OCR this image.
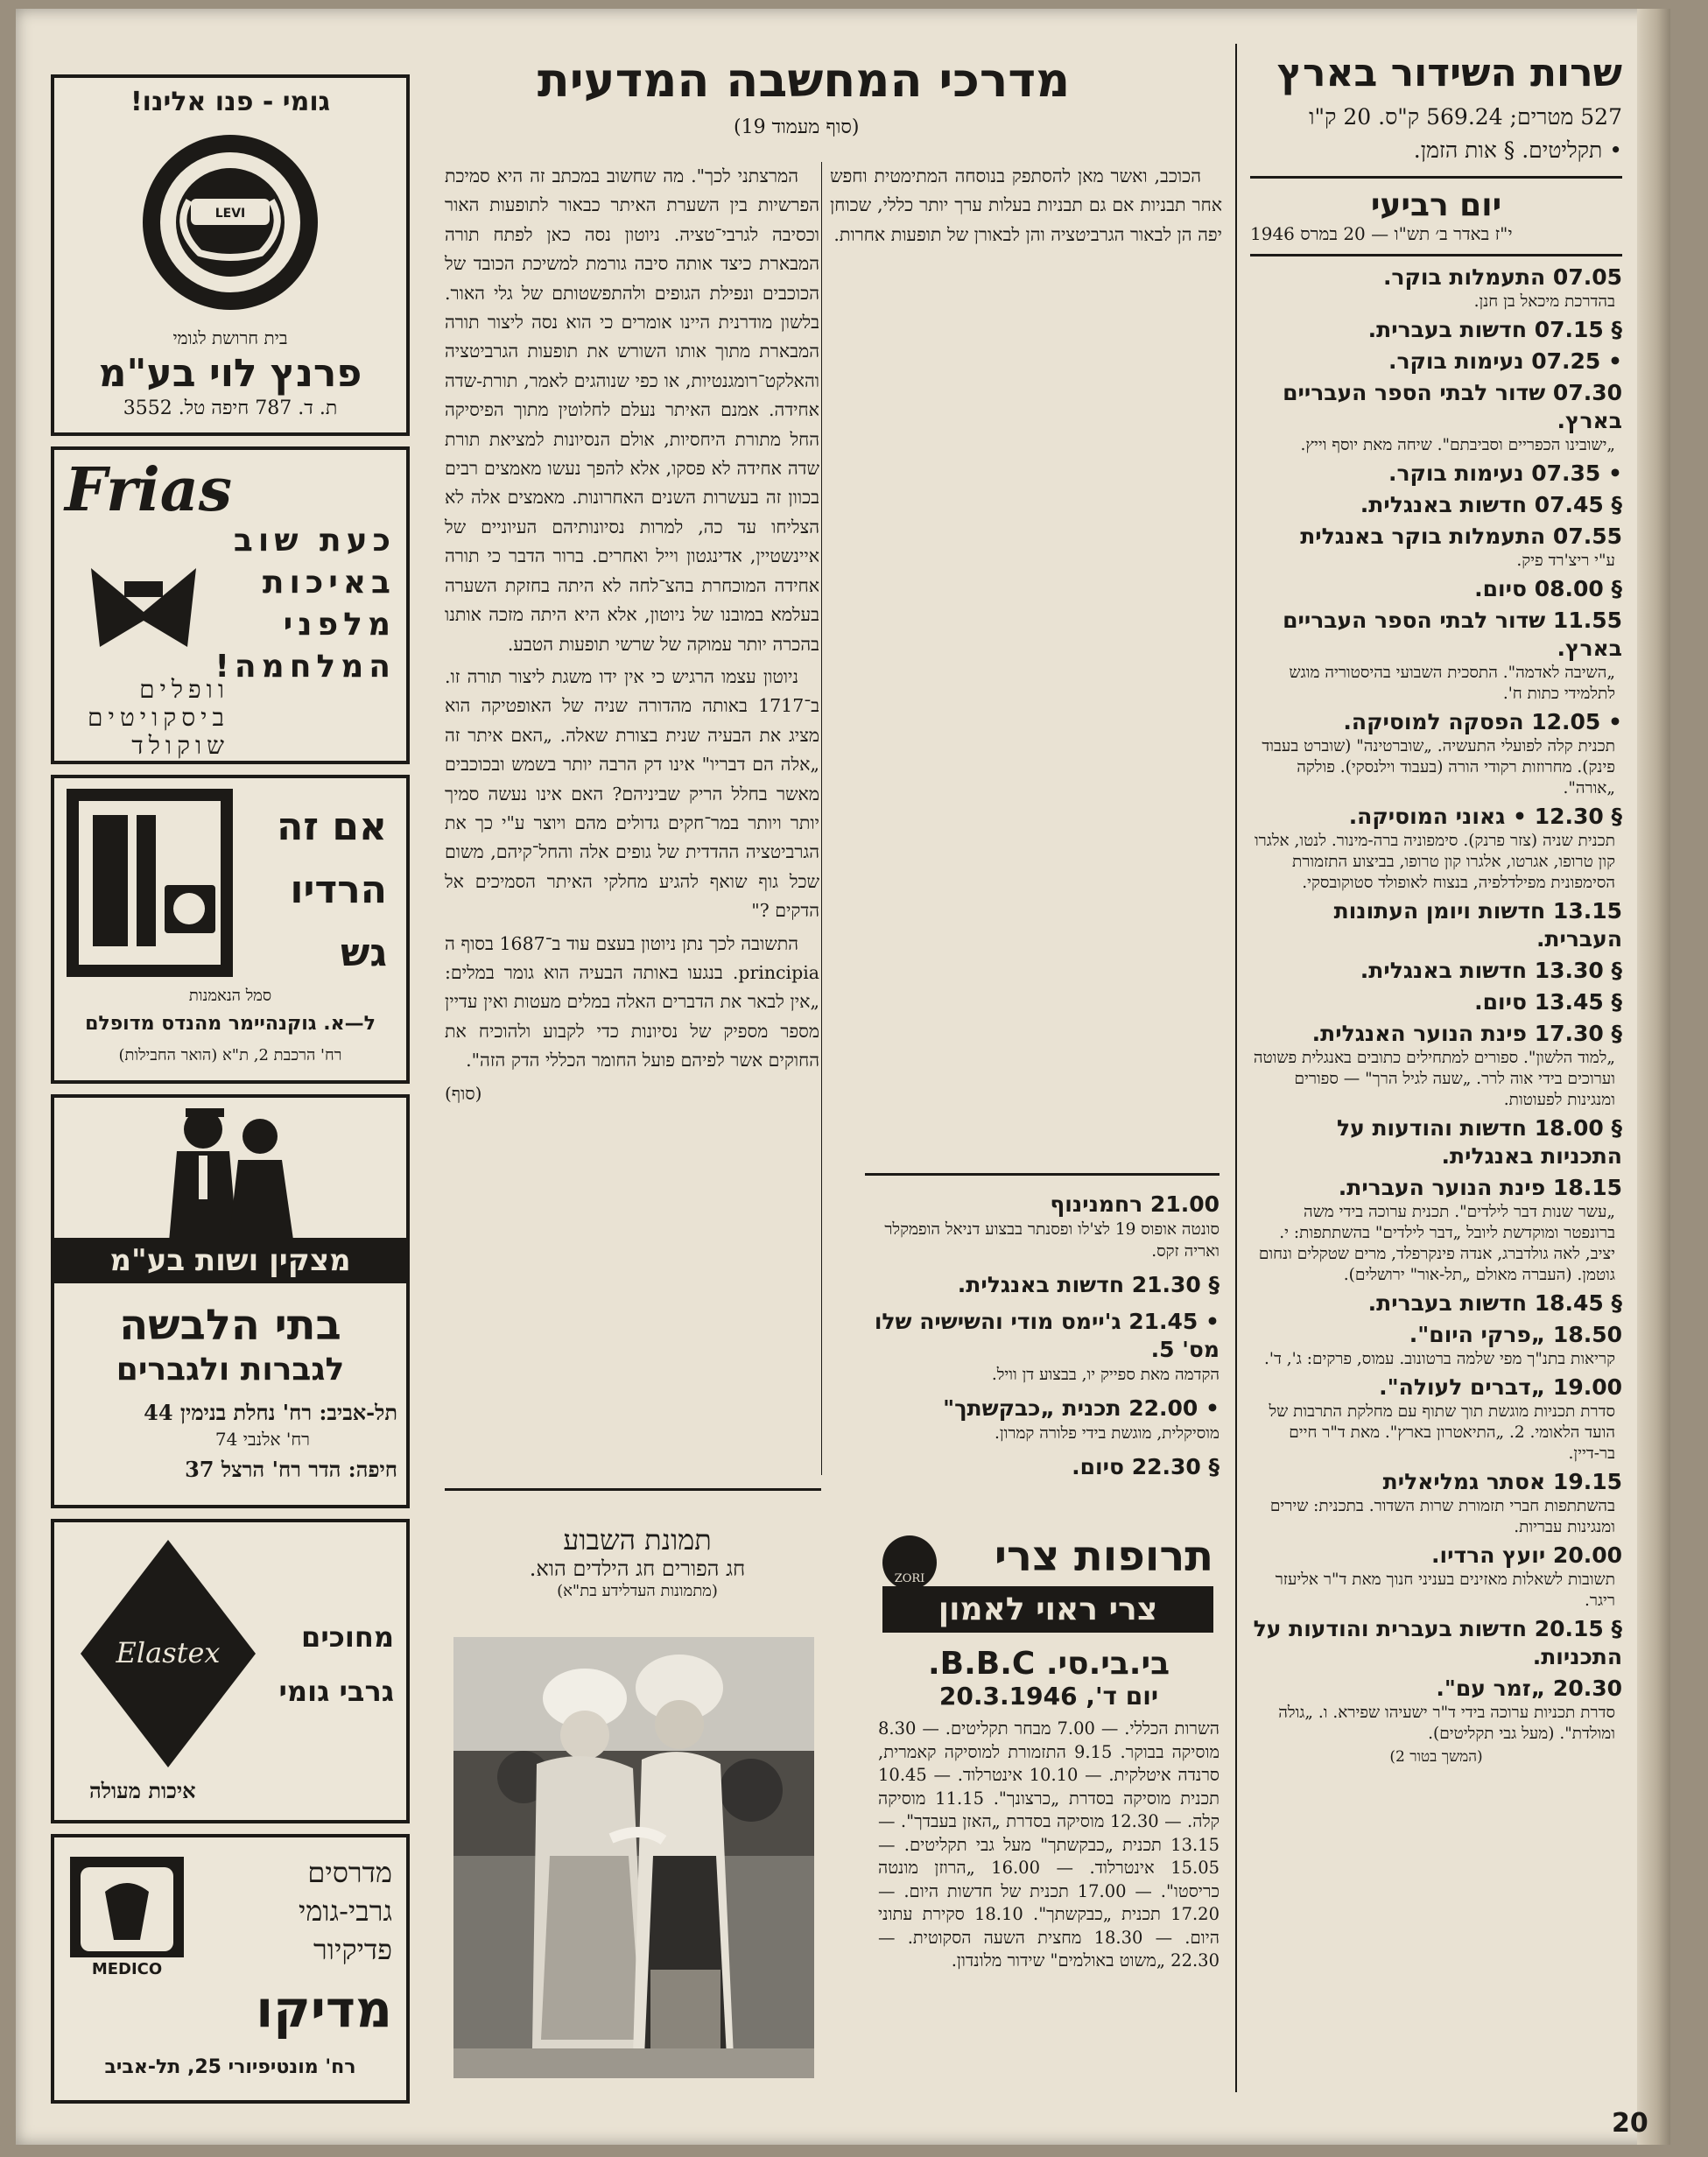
שרות השידור בארץ
527 מטרים; 569.24 ק"ס. 20 ק"ו
• תקליטים. § אות הזמן.
יום רביעי
י"ז באדר ב׳ תש"ו — 20 במרס 1946
07.05 התעמלות בוקר.
בהדרכת מיכאל בן חנן.
§ 07.15 חדשות בעברית.
• 07.25 נעימות בוקר.
07.30 שדור לבתי הספר העבריים בארץ.
„ישובינו הכפריים וסביבתם". שיחה מאת יוסף וייץ.
• 07.35 נעימות בוקר.
§ 07.45 חדשות באנגלית.
07.55 התעמלות בוקר באנגלית
ע"י ריצ'רד פיק.
§ 08.00 סיום.
11.55 שדור לבתי הספר העבריים בארץ.
„השיבה לאדמה". התסכית השבועי בהיסטוריה מוגש לתלמידי כתות ח'.
• 12.05 הפסקה למוסיקה.
תכנית קלה לפועלי התעשיה. „שוברטינה" (שוברט בעבוד פינק). מחרוזות רקודי הורה (בעבוד וילנסקי). פולקה „אורה".
§ 12.30 • גאוני המוסיקה.
תכנית שניה (צזר פרנק). סימפוניה ברה-מינור. לנטו, אלגרו קון טרופו, אגרטו, אלגרו קון טרופו, בביצוע התזמורת הסימפונית מפילדלפיה, בנצוח לאופולד סטוקובסקי.
13.15 חדשות ויומן העתונות העברית.
§ 13.30 חדשות באנגלית.
§ 13.45 סיום.
§ 17.30 פינת הנוער האנגלית.
„למוד הלשון". ספורים למתחילים כתובים באנגלית פשוטה וערוכים בידי אוה לרר. „שעה לגיל הרך" — ספורים ומנגינות לפעוטות.
§ 18.00 חדשות והודעות על התכניות באנגלית.
18.15 פינת הנוער העברית.
„עשר שנות דבר לילדים". תכנית ערוכה בידי משה ברונפטר ומוקדשת ליובל „דבר לילדים" בהשתתפות: י. יציב, לאה גולדברג, אנדה פינקרפלד, מרים שטקלים ונחום גוטמן. (העברה מאולם „תל-אור" ירושלים).
§ 18.45 חדשות בעברית.
18.50 „פרקי היום".
קריאות בתנ"ך מפי שלמה ברטונוב. עמוס, פרקים: ג', ד'.
19.00 „דברים לעולה".
סדרת תכניות מוגשת תוך שתוף עם מחלקת התרבות של הועד הלאומי. 2. „התיאטרון בארץ". מאת ד"ר חיים בר-דיין.
19.15 אסתר גמליאלית
בהשתתפות חברי תזמורת שרות השדור. בתכנית: שירים ומנגינות עבריות.
20.00 יועץ הרדיו.
תשובות לשאלות מאזינים בעניני חנוך מאת ד"ר אליעזר ריגר.
§ 20.15 חדשות בעברית והודעות על התכניות.
20.30 „זמר עם".
סדרת תכניות ערוכה בידי ד"ר ישעיהו שפירא. ו. „גולה ומולדת". (מעל גבי תקליטים).
(המשך בטור 2)
מדרכי המחשבה המדעית
(סוף מעמוד 19)

הכוכב, ואשר מאן להסתפק בנוסחה המתימטית וחפש אחר תבניות אם גם תבניות בעלות ערך יותר כללי, שכוחן יפה הן לבאור הגרביטציה והן לבאורן של תופעות אחרות.

המרצתני לכך". מה שחשוב במכתב זה היא סמיכת הפרשיות בין השערת האיתר כבאור לתופעות האור וכסיבה לגרבי־טציה. ניוטון נסה כאן לפתח תורה המבארת כיצד אותה סיבה גורמת למשיכת הכובד של הכוכבים ונפילת הגופים ולהתפשטותם של גלי האור. בלשון מודרנית היינו אומרים כי הוא נסה ליצור תורה המבארת מתוך אותו השורש את תופעות הגרביטציה והאלקט־רומגנטיות, או כפי שנוהגים לאמר, תורת-שדה אחידה. אמנם האיתר נעלם לחלוטין מתוך הפיסיקה החל מתורת היחסיות, אולם הנסיונות למציאת תורת שדה אחידה לא פסקו, אלא להפך נעשו מאמצים רבים בכוון זה בעשרות השנים האחרונות. מאמצים אלה לא הצליחו עד כה, למרות נסיונותיהם העיוניים של איינשטיין, אדינגטון וייל ואחרים. ברור הדבר כי תורה אחידה המוכחרת בהצ־לחה לא היתה בחזקת השערה בעלמא במובנו של ניוטון, אלא היא היתה מזכה אותנו בהכרה יותר עמוקה של שרשי תופעות הטבע.

ניוטון עצמו הרגיש כי אין ידו משגת ליצור תורה זו. ב־1717 באותה מהדורה שניה של האופטיקה הוא מציג את הבעיה שנית בצורת שאלה. „האם איתר זה „אלה הם דבריו" אינו דק הרבה יותר בשמש ובכוכבים מאשר בחלל הריק שביניהם? האם אינו נעשה סמיך יותר ויותר במר־חקים גדולים מהם ויוצר ע"י כך את הגרביטציה ההדדית של גופים אלה והחל־קיהם, משום שכל גוף שואף להגיע מחלקי האיתר הסמיכים אל הדקים ?"

התשובה לכך נתן ניוטון בעצם עוד ב־1687 בסוף ה principia. בנגעו באותה הבעיה הוא גומר במלים: „אין לבאר את הדברים האלה במלים מעטות ואין עדיין מספר מספיק של נסיונות כדי לקבוע ולהוכיח את החוקים אשר לפיהם פועל החומר הכללי הדק הזה".

(סוף)
21.00 רחמנינוף
סונטה אופוס 19 לצ'לו ופסנתר בבצוע דניאל הופמקלר ואריה זקס.
§ 21.30 חדשות באנגלית.
• 21.45 ג'יימס מודי והשישיה שלו מס' 5.
הקדמה מאת ספייק יו, בבצוע דן וויל.
• 22.00 תכנית „כבקשתך"
מוסיקלית, מוגשת בידי פלורה קמרון.
§ 22.30 סיום.
ZORI	תרופות צרי
צרי ראוי לאמון
בי.בי.סי. B.B.C.
יום ד', 20.3.1946
השרות הכללי. — 7.00 מבחר תקליטים. — 8.30 מוסיקה בבוקר. 9.15 התזמורת למוסיקה קאמרית, סרנדה איטלקית. — 10.10 אינטרלוד. — 10.45 תכנית מוסיקה בסדרת „כרצונך". 11.15 מוסיקה קלה. — 12.30 מוסיקה בסדרת „האזן בעבדך". — 13.15 תכנית „כבקשתך" מעל גבי תקליטים. — 15.05 אינטרלוד. — 16.00 „הרוזן מונטה כריסטו". — 17.00 תכנית של חדשות היום. — 17.20 תכנית „כבקשתך". 18.10 סקירת עתוני היום. — 18.30 מחצית השעה הסקוטית. — 22.30 „משוט באולמים" שידור מלונדון.
תמונת השבוע
חג הפורים חג הילדים הוא.
(מתמונות העדלידע בת"א)
גומי - פנו אלינו!
LEVI
בית חרושת לגומי
פרנץ לוי בע"מ
ת. ד. 787 חיפה טל. 3552
Frias
כעת שוב
באיכות
מלפני
המלחמה!
וופלים
ביסקויטים
שוקולד
אם זה
הרדיו
גש
סמל הנאמנות
ל—א. גוקנהיימר מהנדס מדופלם
רח' הרכבת 2, ת"א (הואר החבילות)
מצקין ושות בע"מ
בתי הלבשה
לגברות ולגברים
תל-אביב: רח' נחלת בנימין 44
רח' אלנבי 74
חיפה: הדר רח' הרצל 37
Elastex	מחוכים
גרבי גומי
איכות מעולה
MEDICO
מדרסים
גרבי-גומי
פדיקיור
מדיקו
רח' מונטיפיורי 25, תל-אביב
20
